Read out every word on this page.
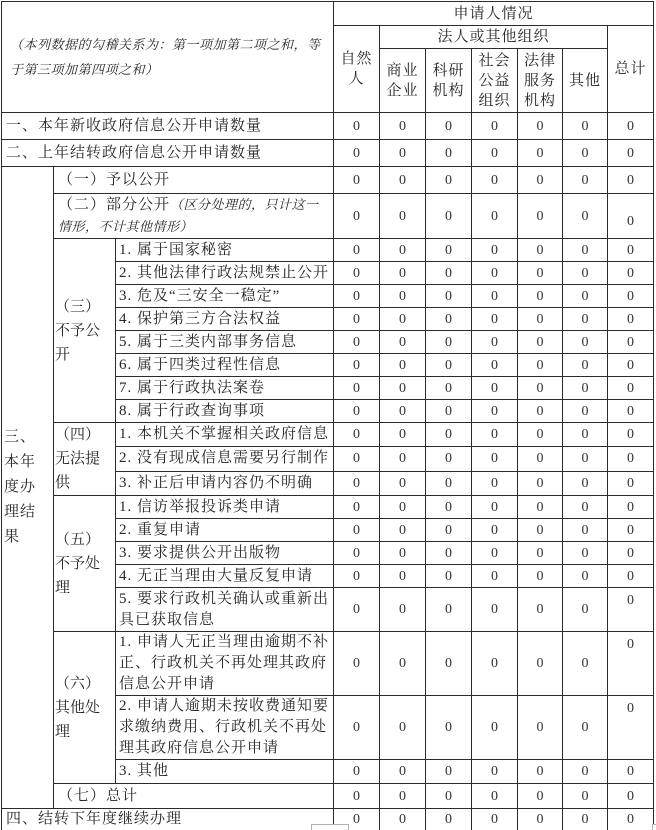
（本列数据的勾稽关系为：第一项加第二项之和，等于第三项加第四项之和）			申请人情况						
			自然人	法人或其他组织					总计
				商业企业	科研机构	社会公益组织	法律服务机构	其他	
一、本年新收政府信息公开申请数量			0	0	0	0	0	0	0
二、上年结转政府信息公开申请数量			0	0	0	0	0	0	0
三、本年度办理结果	（一）予以公开		0	0	0	0	0	0	0
	（二）部分公开（区分处理的，只计这一情形，不计其他情形）		0	0	0	0	0	0	0
	（三）不予公开	1. 属于国家秘密	0	0	0	0	0	0	0
		2. 其他法律行政法规禁止公开	0	0	0	0	0	0	0
		3. 危及“三安全一稳定”	0	0	0	0	0	0	0
		4. 保护第三方合法权益	0	0	0	0	0	0	0
		5. 属于三类内部事务信息	0	0	0	0	0	0	0
		6. 属于四类过程性信息	0	0	0	0	0	0	0
		7. 属于行政执法案卷	0	0	0	0	0	0	0
		8. 属于行政查询事项	0	0	0	0	0	0	0
	（四）无法提供	1. 本机关不掌握相关政府信息	0	0	0	0	0	0	0
		2. 没有现成信息需要另行制作	0	0	0	0	0	0	0
		3. 补正后申请内容仍不明确	0	0	0	0	0	0	0
	（五）不予处理	1. 信访举报投诉类申请	0	0	0	0	0	0	0
		2. 重复申请	0	0	0	0	0	0	0
		3. 要求提供公开出版物	0	0	0	0	0	0	0
		4. 无正当理由大量反复申请	0	0	0	0	0	0	0
		5. 要求行政机关确认或重新出具已获取信息	0	0	0	0	0	0	0
	（六）其他处理	1. 申请人无正当理由逾期不补正、行政机关不再处理其政府信息公开申请	0	0	0	0	0	0	0
		2. 申请人逾期未按收费通知要求缴纳费用、行政机关不再处理其政府信息公开申请	0	0	0	0	0	0	0
		3. 其他	0	0	0	0	0	0	0
	（七）总计		0	0	0	0	0	0	0
四、结转下年度继续办理			0	0	0	0	0	0	0
